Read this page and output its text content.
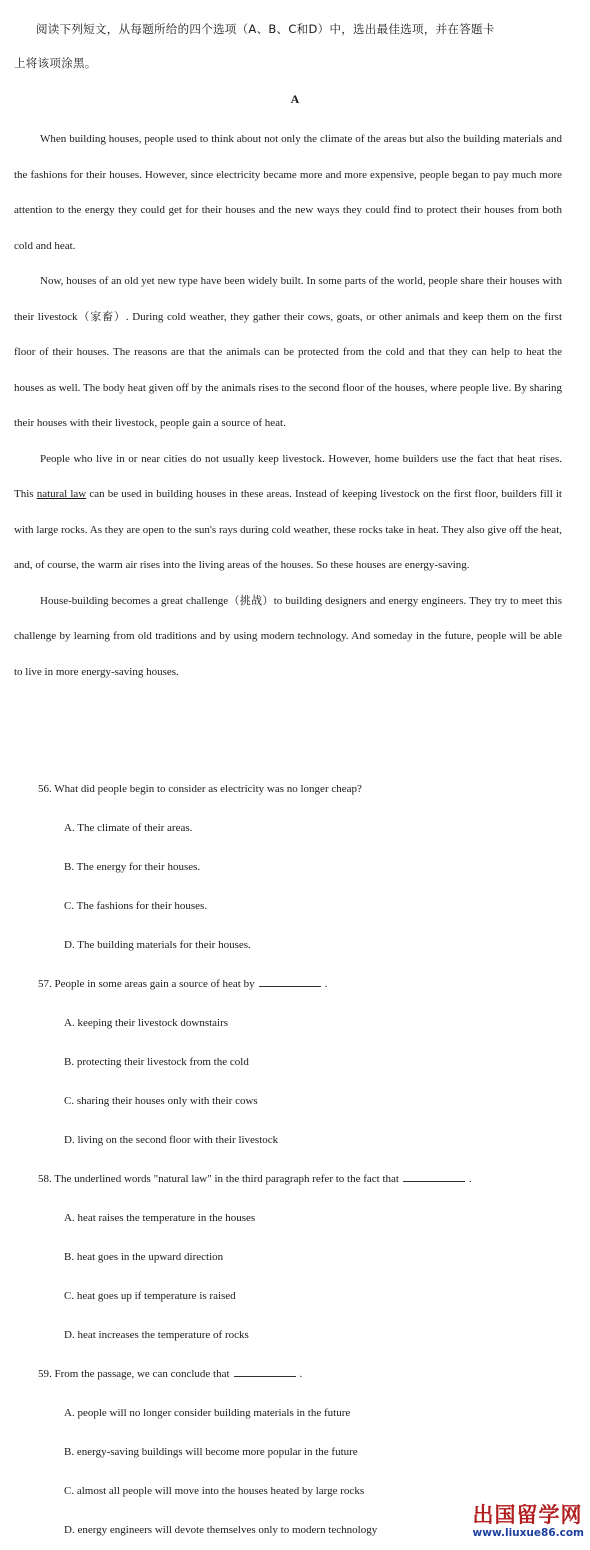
阅读下列短文，从每题所给的四个选项（A、B、C和D）中，选出最佳选项，并在答题卡
上将该项涂黑。
A

When building houses, people used to think about not only the climate of the areas but also the building materials and the fashions for their houses. However, since electricity became more and more expensive, people began to pay much more attention to the energy they could get for their houses and the new ways they could find to protect their houses from both cold and heat.

Now, houses of an old yet new type have been widely built. In some parts of the world, people share their houses with their livestock（家畜）. During cold weather, they gather their cows, goats, or other animals and keep them on the first floor of their houses. The reasons are that the animals can be protected from the cold and that they can help to heat the houses as well. The body heat given off by the animals rises to the second floor of the houses, where people live. By sharing their houses with their livestock, people gain a source of heat.

People who live in or near cities do not usually keep livestock. However, home builders use the fact that heat rises. This natural law can be used in building houses in these areas. Instead of keeping livestock on the first floor, builders fill it with large rocks. As they are open to the sun's rays during cold weather, these rocks take in heat. They also give off the heat, and, of course, the warm air rises into the living areas of the houses. So these houses are energy-saving.

House-building becomes a great challenge（挑战）to building designers and energy engineers. They try to meet this challenge by learning from old traditions and by using modern technology. And someday in the future, people will be able to live in more energy-saving houses.

56. What did people begin to consider as electricity was no longer cheap?
A. The climate of their areas.
B. The energy for their houses.
C. The fashions for their houses.
D. The building materials for their houses.
57. People in some areas gain a source of heat by	.
A. keeping their livestock downstairs
B. protecting their livestock from the cold
C. sharing their houses only with their cows
D. living on the second floor with their livestock
58. The underlined words "natural law" in the third paragraph refer to the fact that	.
A. heat raises the temperature in the houses
B. heat goes in the upward direction
C. heat goes up if temperature is raised
D. heat increases the temperature of rocks
59. From the passage, we can conclude that	.
A. people will no longer consider building materials in the future
B. energy-saving buildings will become more popular in the future
C. almost all people will move into the houses heated by large rocks
D. energy engineers will devote themselves only to modern technology
出国留学网
www.liuxue86.com
